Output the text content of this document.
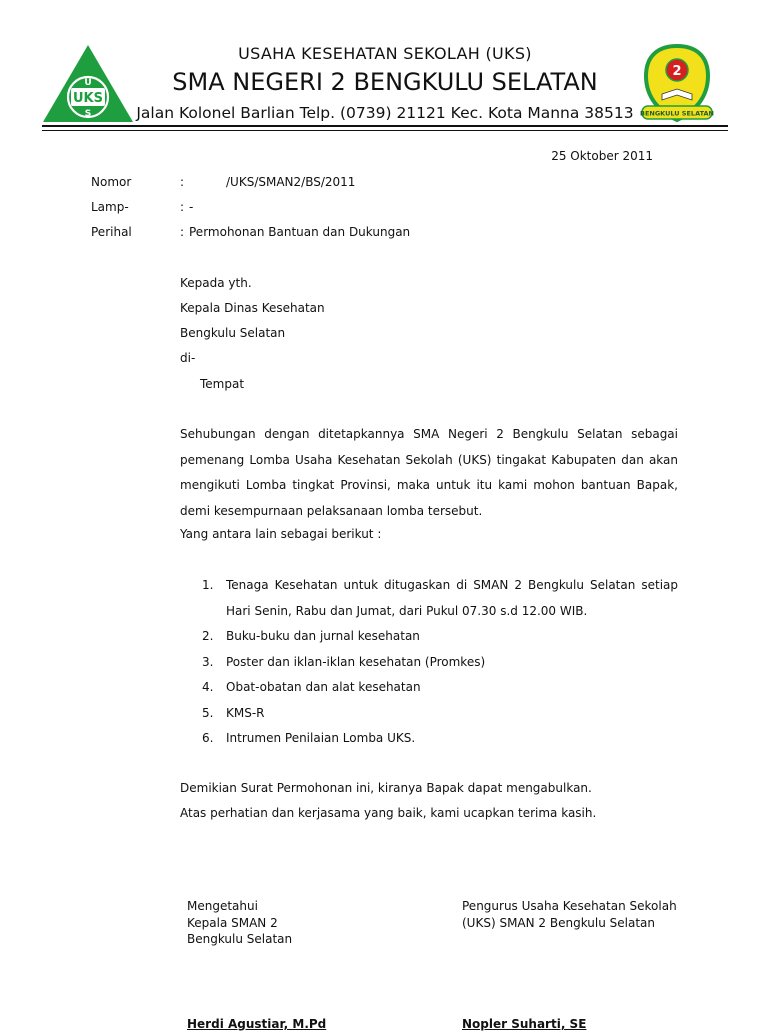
UKS
U
S
2
BENGKULU SELATAN
USAHA KESEHATAN SEKOLAH (UKS)
SMA NEGERI 2 BENGKULU SELATAN
Jalan Kolonel Barlian Telp. (0739) 21121 Kec. Kota Manna 38513
25 Oktober 2011
Nomor	:	/UKS/SMAN2/BS/2011
Lamp-	: -
Perihal	: Permohonan Bantuan dan Dukungan
Kepada yth.
Kepala Dinas Kesehatan
Bengkulu Selatan
di-
Tempat
Sehubungan dengan ditetapkannya SMA Negeri 2 Bengkulu Selatan sebagai pemenang Lomba Usaha Kesehatan Sekolah (UKS) tingakat Kabupaten dan akan mengikuti Lomba tingkat Provinsi, maka untuk itu kami mohon bantuan Bapak, demi kesempurnaan pelaksanaan lomba tersebut.
Yang antara lain sebagai berikut :
1. Tenaga Kesehatan untuk ditugaskan di SMAN 2 Bengkulu Selatan setiap Hari Senin, Rabu dan Jumat, dari Pukul 07.30 s.d 12.00 WIB.
2. Buku-buku dan jurnal kesehatan
3. Poster dan iklan-iklan kesehatan (Promkes)
4. Obat-obatan dan alat kesehatan
5. KMS-R
6. Intrumen Penilaian Lomba UKS.
Demikian Surat Permohonan ini, kiranya Bapak dapat mengabulkan.
Atas perhatian dan kerjasama yang baik, kami ucapkan terima kasih.
Mengetahui
Kepala SMAN 2
Bengkulu Selatan
Pengurus Usaha Kesehatan Sekolah
(UKS) SMAN 2 Bengkulu Selatan
Herdi Agustiar, M.Pd	Nopler Suharti, SE
